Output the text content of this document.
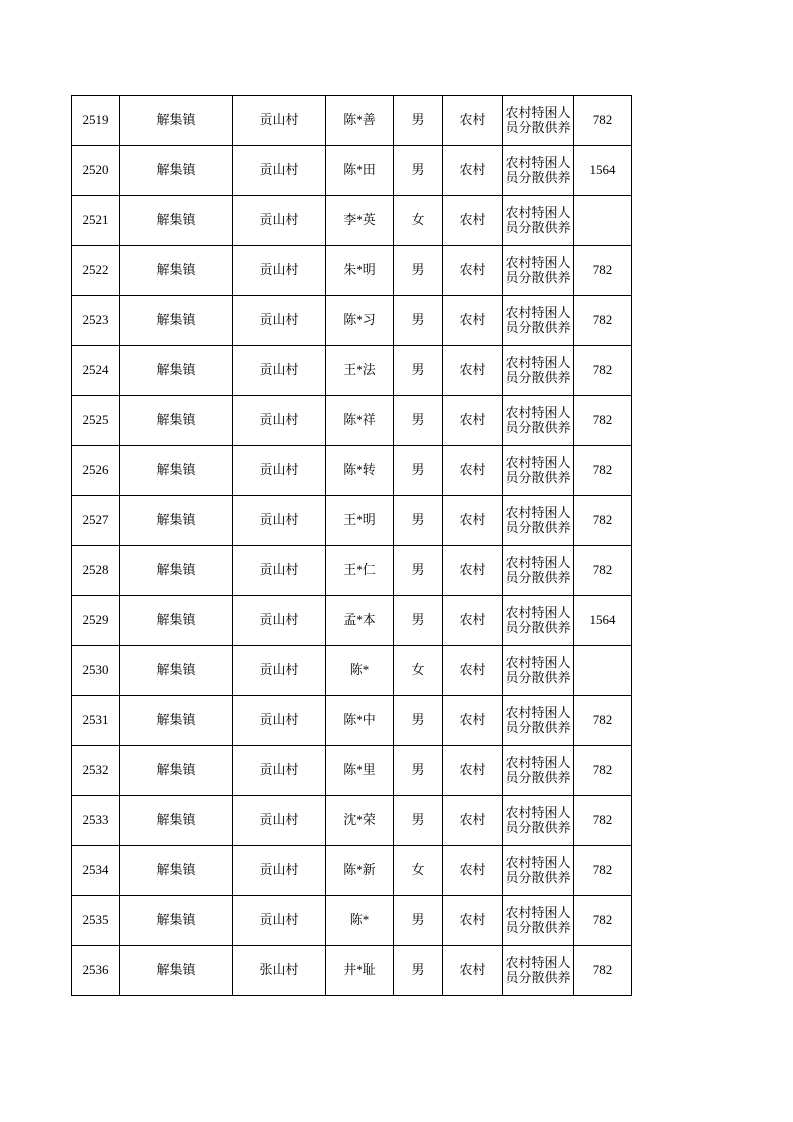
2519	解集镇	贡山村	陈*善	男	农村	农村特困人员分散供养	782
2520	解集镇	贡山村	陈*田	男	农村	农村特困人员分散供养	1564
2521	解集镇	贡山村	李*英	女	农村	农村特困人员分散供养	

2522	解集镇	贡山村	朱*明	男	农村	农村特困人员分散供养	782
2523	解集镇	贡山村	陈*习	男	农村	农村特困人员分散供养	782
2524	解集镇	贡山村	王*法	男	农村	农村特困人员分散供养	782
2525	解集镇	贡山村	陈*祥	男	农村	农村特困人员分散供养	782
2526	解集镇	贡山村	陈*转	男	农村	农村特困人员分散供养	782
2527	解集镇	贡山村	王*明	男	农村	农村特困人员分散供养	782
2528	解集镇	贡山村	王*仁	男	农村	农村特困人员分散供养	782
2529	解集镇	贡山村	孟*本	男	农村	农村特困人员分散供养	1564
2530	解集镇	贡山村	陈*	女	农村	农村特困人员分散供养	

2531	解集镇	贡山村	陈*中	男	农村	农村特困人员分散供养	782
2532	解集镇	贡山村	陈*里	男	农村	农村特困人员分散供养	782
2533	解集镇	贡山村	沈*荣	男	农村	农村特困人员分散供养	782
2534	解集镇	贡山村	陈*新	女	农村	农村特困人员分散供养	782
2535	解集镇	贡山村	陈*	男	农村	农村特困人员分散供养	782
2536	解集镇	张山村	井*耻	男	农村	农村特困人员分散供养	782
